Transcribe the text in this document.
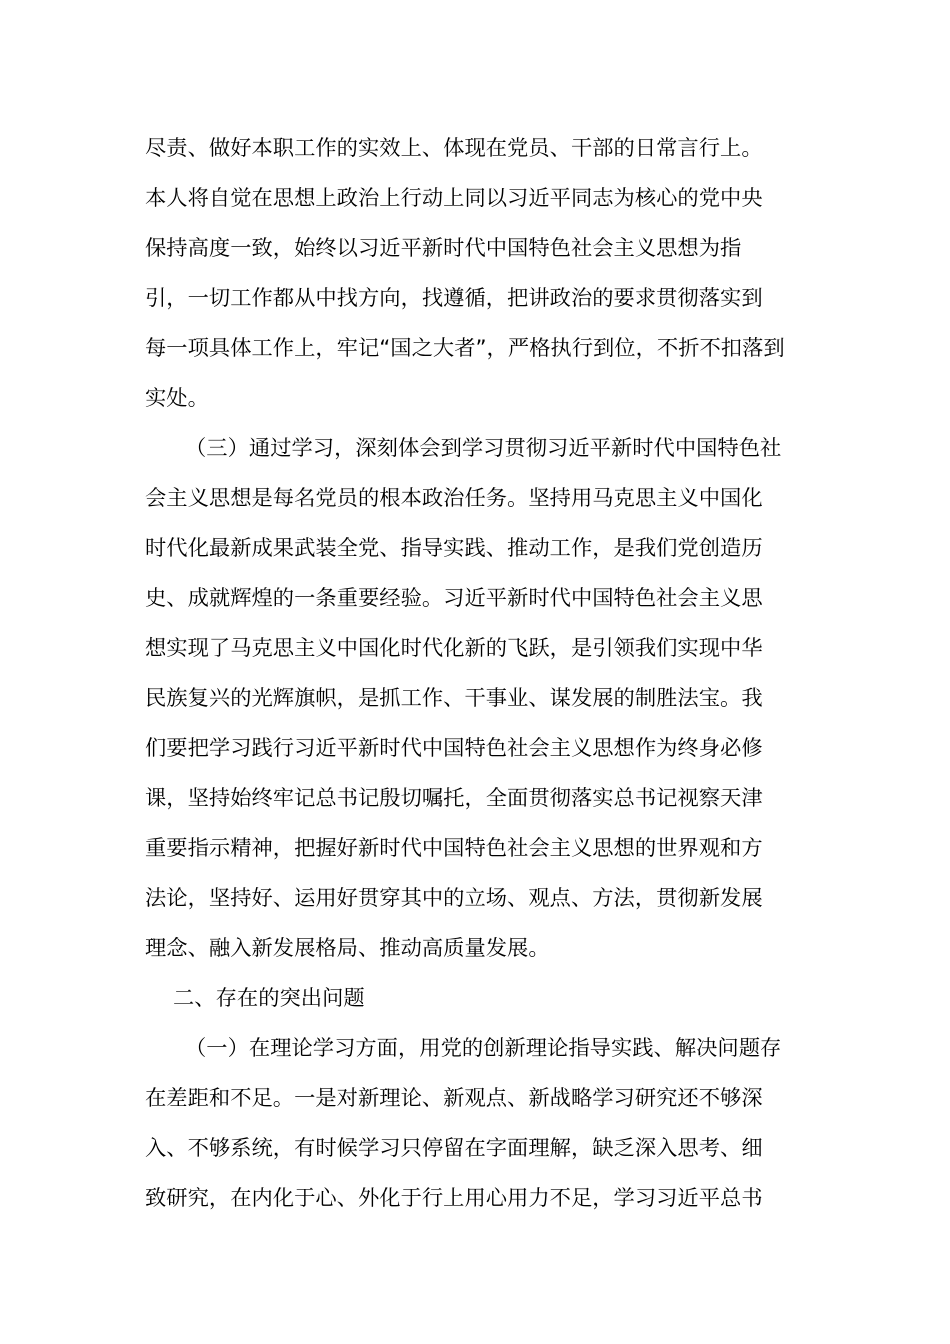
尽责、做好本职工作的实效上、体现在党员、干部的日常言行上。
本人将自觉在思想上政治上行动上同以习近平同志为核心的党中央
保持高度一致，始终以习近平新时代中国特色社会主义思想为指
引，一切工作都从中找方向，找遵循，把讲政治的要求贯彻落实到
每一项具体工作上，牢记“国之大者”，严格执行到位，不折不扣落到
实处。
（三）通过学习，深刻体会到学习贯彻习近平新时代中国特色社
会主义思想是每名党员的根本政治任务。坚持用马克思主义中国化
时代化最新成果武装全党、指导实践、推动工作，是我们党创造历
史、成就辉煌的一条重要经验。习近平新时代中国特色社会主义思
想实现了马克思主义中国化时代化新的飞跃，是引领我们实现中华
民族复兴的光辉旗帜，是抓工作、干事业、谋发展的制胜法宝。我
们要把学习践行习近平新时代中国特色社会主义思想作为终身必修
课，坚持始终牢记总书记殷切嘱托，全面贯彻落实总书记视察天津
重要指示精神，把握好新时代中国特色社会主义思想的世界观和方
法论，坚持好、运用好贯穿其中的立场、观点、方法，贯彻新发展
理念、融入新发展格局、推动高质量发展。
二、存在的突出问题
（一）在理论学习方面，用党的创新理论指导实践、解决问题存
在差距和不足。一是对新理论、新观点、新战略学习研究还不够深
入、不够系统，有时候学习只停留在字面理解，缺乏深入思考、细
致研究，在内化于心、外化于行上用心用力不足，学习习近平总书
